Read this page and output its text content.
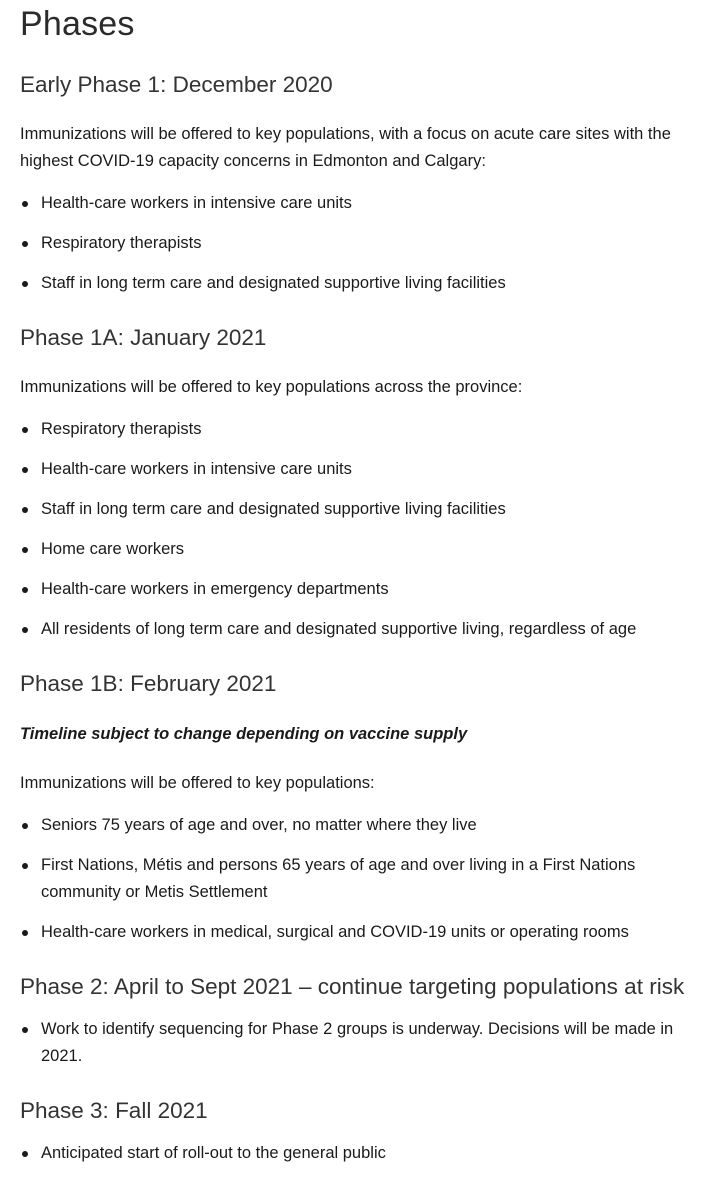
Phases
Early Phase 1: December 2020

Immunizations will be offered to key populations, with a focus on acute care sites with the highest COVID-19 capacity concerns in Edmonton and Calgary:

Health-care workers in intensive care units
Respiratory therapists
Staff in long term care and designated supportive living facilities
Phase 1A: January 2021

Immunizations will be offered to key populations across the province:

Respiratory therapists
Health-care workers in intensive care units
Staff in long term care and designated supportive living facilities
Home care workers
Health-care workers in emergency departments
All residents of long term care and designated supportive living, regardless of age
Phase 1B: February 2021

Timeline subject to change depending on vaccine supply

Immunizations will be offered to key populations:

Seniors 75 years of age and over, no matter where they live
First Nations, Métis and persons 65 years of age and over living in a First Nations community or Metis Settlement
Health-care workers in medical, surgical and COVID-19 units or operating rooms
Phase 2: April to Sept 2021 – continue targeting populations at risk
Work to identify sequencing for Phase 2 groups is underway. Decisions will be made in 2021.
Phase 3: Fall 2021
Anticipated start of roll-out to the general public
